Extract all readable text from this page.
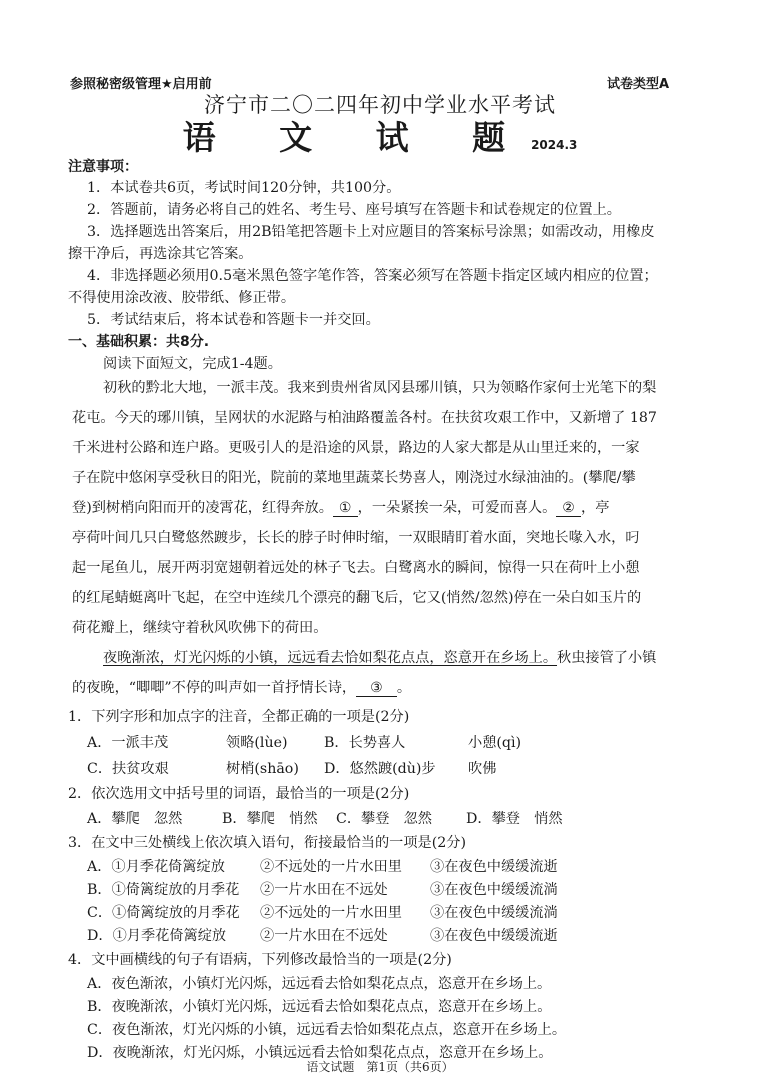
参照秘密级管理★启用前	试卷类型A
济宁市二〇二四年初中学业水平考试
语 文 试 题2024.3
注意事项：
1．本试卷共6页，考试时间120分钟，共100分。
2．答题前，请务必将自己的姓名、考生号、座号填写在答题卡和试卷规定的位置上。
3．选择题选出答案后，用2B铅笔把答题卡上对应题目的答案标号涂黑；如需改动，用橡皮
擦干净后，再选涂其它答案。
4．非选择题必须用0.5毫米黑色签字笔作答，答案必须写在答题卡指定区域内相应的位置；
不得使用涂改液、胶带纸、修正带。
5．考试结束后，将本试卷和答题卡一并交回。
一、基础积累：共8分.
阅读下面短文，完成1-4题。
初秋的黔北大地，一派丰茂。我来到贵州省凤冈县琊川镇，只为领略作家何士光笔下的梨
花屯。今天的琊川镇，呈网状的水泥路与柏油路覆盖各村。在扶贫攻艰工作中，又新增了 187
千米进村公路和连户路。更吸引人的是沿途的风景，路边的人家大都是从山里迁来的，一家
子在院中悠闲享受秋日的阳光，院前的菜地里蔬菜长势喜人，刚浇过水绿油油的。(攀爬/攀
登)到树梢向阳而开的凌霄花，红得奔放。 ① ，一朵紧挨一朵，可爱而喜人。 ② ，亭
亭荷叶间几只白鹭悠然踱步，长长的脖子时伸时缩，一双眼睛盯着水面，突地长喙入水，叼
起一尾鱼儿，展开两羽宽翅朝着远处的林子飞去。白鹭离水的瞬间，惊得一只在荷叶上小憩
的红尾蜻蜓离叶飞起，在空中连续几个漂亮的翻飞后，它又(悄然/忽然)停在一朵白如玉片的
荷花瓣上，继续守着秋风吹佛下的荷田。
夜晚渐浓，灯光闪烁的小镇，远远看去恰如梨花点点，恣意开在乡场上。秋虫接管了小镇
的夜晚，“唧唧”不停的叫声如一首抒情长诗， ③ 。
1．下列字形和加点字的注音，全都正确的一项是(2分)
A．一派丰茂	领略(lùe)	B．长势喜人	小憩(qì)
C．扶贫攻艰	树梢(shāo) D．悠然踱(dù)步 吹佛
2．依次选用文中括号里的词语，最恰当的一项是(2分)
A．攀爬　忽然	B．攀爬　悄然 C．攀登　忽然 D．攀登　悄然
3．在文中三处横线上依次填入语句，衔接最恰当的一项是(2分)
A．①月季花倚篱绽放 ②不远处的一片水田里 ③在夜色中缓缓流逝
B．①倚篱绽放的月季花 ②一片水田在不远处	③在夜色中缓缓流淌
C．①倚篱绽放的月季花 ②不远处的一片水田里 ③在夜色中缓缓流淌
D．①月季花倚篱绽放 ②一片水田在不远处	③在夜色中缓缓流逝
4．文中画横线的句子有语病，下列修改最恰当的一项是(2分)
A．夜色渐浓，小镇灯光闪烁，远远看去恰如梨花点点，恣意开在乡场上。
B．夜晚渐浓，小镇灯光闪烁，远远看去恰如梨花点点，恣意开在乡场上。
C．夜色渐浓，灯光闪烁的小镇，远远看去恰如梨花点点，恣意开在乡场上。
D．夜晚渐浓，灯光闪烁，小镇远远看去恰如梨花点点，恣意开在乡场上。
语文试题　第1页（共6页）
